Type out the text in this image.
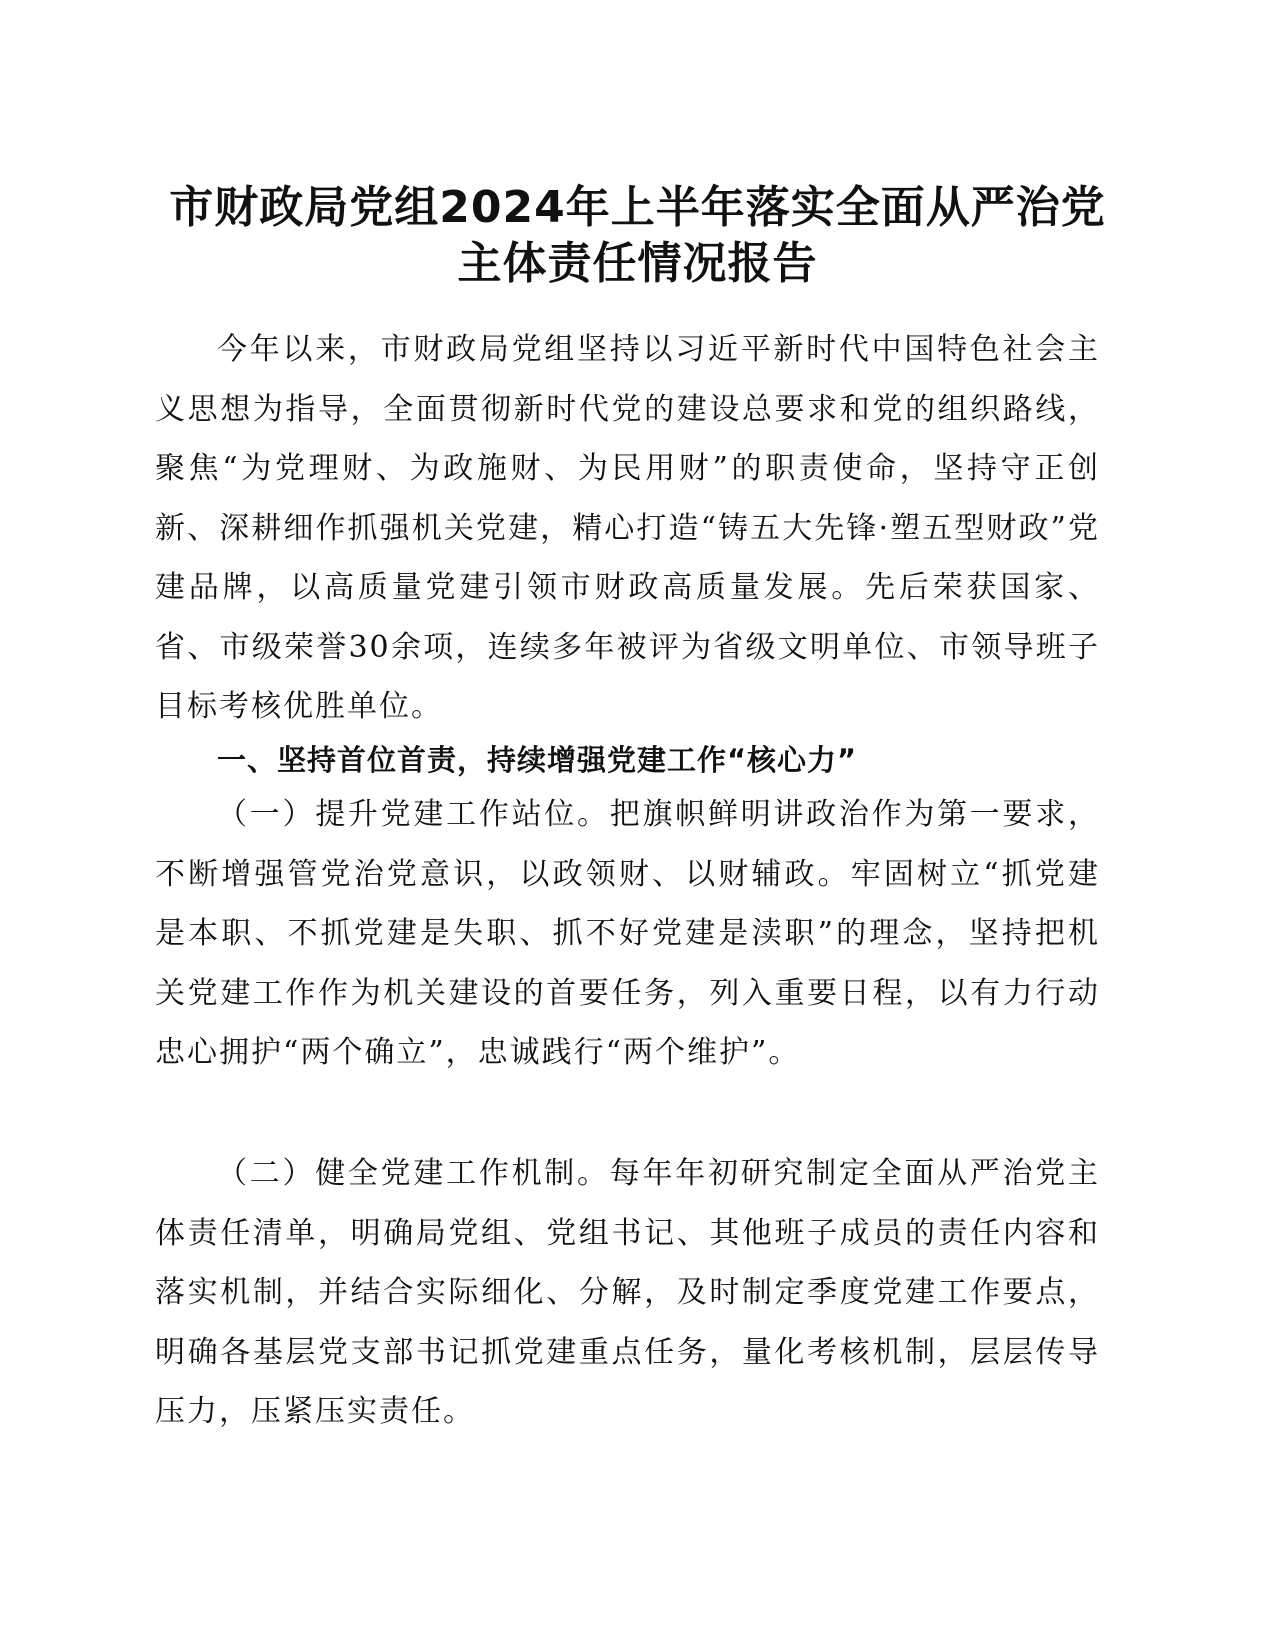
市财政局党组2024年上半年落实全面从严治党
主体责任情况报告

今年以来，市财政局党组坚持以习近平新时代中国特色社会主义思想为指导，全面贯彻新时代党的建设总要求和党的组织路线，聚焦“为党理财、为政施财、为民用财”的职责使命，坚持守正创新、深耕细作抓强机关党建，精心打造“铸五大先锋·塑五型财政”党建品牌，以高质量党建引领市财政高质量发展。先后荣获国家、省、市级荣誉30余项，连续多年被评为省级文明单位、市领导班子目标考核优胜单位。

一、坚持首位首责，持续增强党建工作“核心力”

（一）提升党建工作站位。把旗帜鲜明讲政治作为第一要求，不断增强管党治党意识，以政领财、以财辅政。牢固树立“抓党建是本职、不抓党建是失职、抓不好党建是渎职”的理念，坚持把机关党建工作作为机关建设的首要任务，列入重要日程，以有力行动忠心拥护“两个确立”，忠诚践行“两个维护”。

（二）健全党建工作机制。每年年初研究制定全面从严治党主体责任清单，明确局党组、党组书记、其他班子成员的责任内容和落实机制，并结合实际细化、分解，及时制定季度党建工作要点，明确各基层党支部书记抓党建重点任务，量化考核机制，层层传导压力，压紧压实责任。
